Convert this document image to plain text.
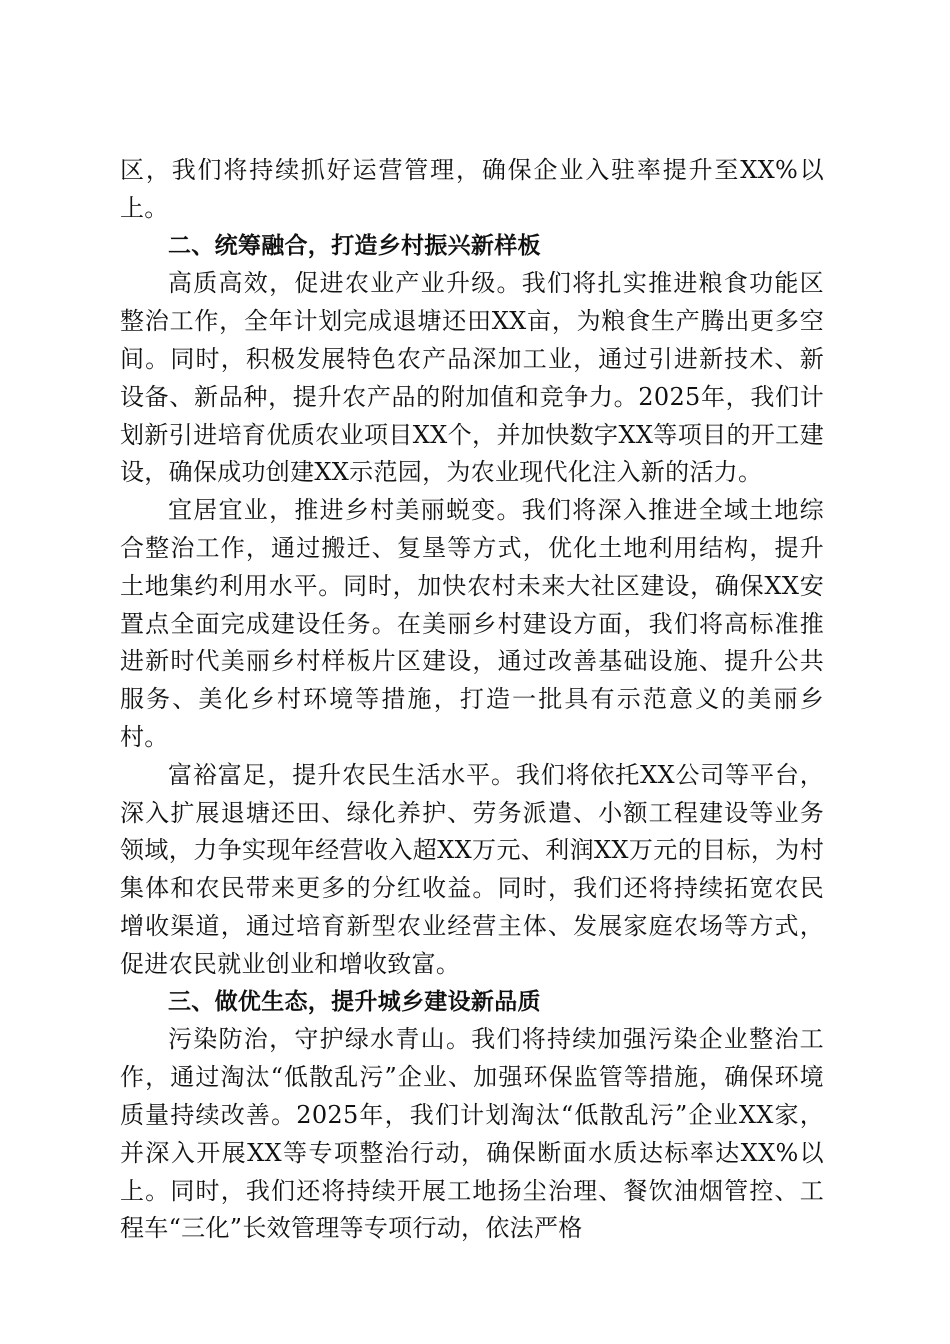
区，我们将持续抓好运营管理，确保企业入驻率提升至XX%以上。

二、统筹融合，打造乡村振兴新样板

高质高效，促进农业产业升级。我们将扎实推进粮食功能区整治工作，全年计划完成退塘还田XX亩，为粮食生产腾出更多空间。同时，积极发展特色农产品深加工业，通过引进新技术、新设备、新品种，提升农产品的附加值和竞争力。2025年，我们计划新引进培育优质农业项目XX个，并加快数字XX等项目的开工建设，确保成功创建XX示范园，为农业现代化注入新的活力。

宜居宜业，推进乡村美丽蜕变。我们将深入推进全域土地综合整治工作，通过搬迁、复垦等方式，优化土地利用结构，提升土地集约利用水平。同时，加快农村未来大社区建设，确保XX安置点全面完成建设任务。在美丽乡村建设方面，我们将高标准推进新时代美丽乡村样板片区建设，通过改善基础设施、提升公共服务、美化乡村环境等措施，打造一批具有示范意义的美丽乡村。

富裕富足，提升农民生活水平。我们将依托XX公司等平台，深入扩展退塘还田、绿化养护、劳务派遣、小额工程建设等业务领域，力争实现年经营收入超XX万元、利润XX万元的目标，为村集体和农民带来更多的分红收益。同时，我们还将持续拓宽农民增收渠道，通过培育新型农业经营主体、发展家庭农场等方式，促进农民就业创业和增收致富。

三、做优生态，提升城乡建设新品质

污染防治，守护绿水青山。我们将持续加强污染企业整治工作，通过淘汰“低散乱污”企业、加强环保监管等措施，确保环境质量持续改善。2025年，我们计划淘汰“低散乱污”企业XX家，并深入开展XX等专项整治行动，确保断面水质达标率达XX%以上。同时，我们还将持续开展工地扬尘治理、餐饮油烟管控、工程车“三化”长效管理等专项行动，依法严格
